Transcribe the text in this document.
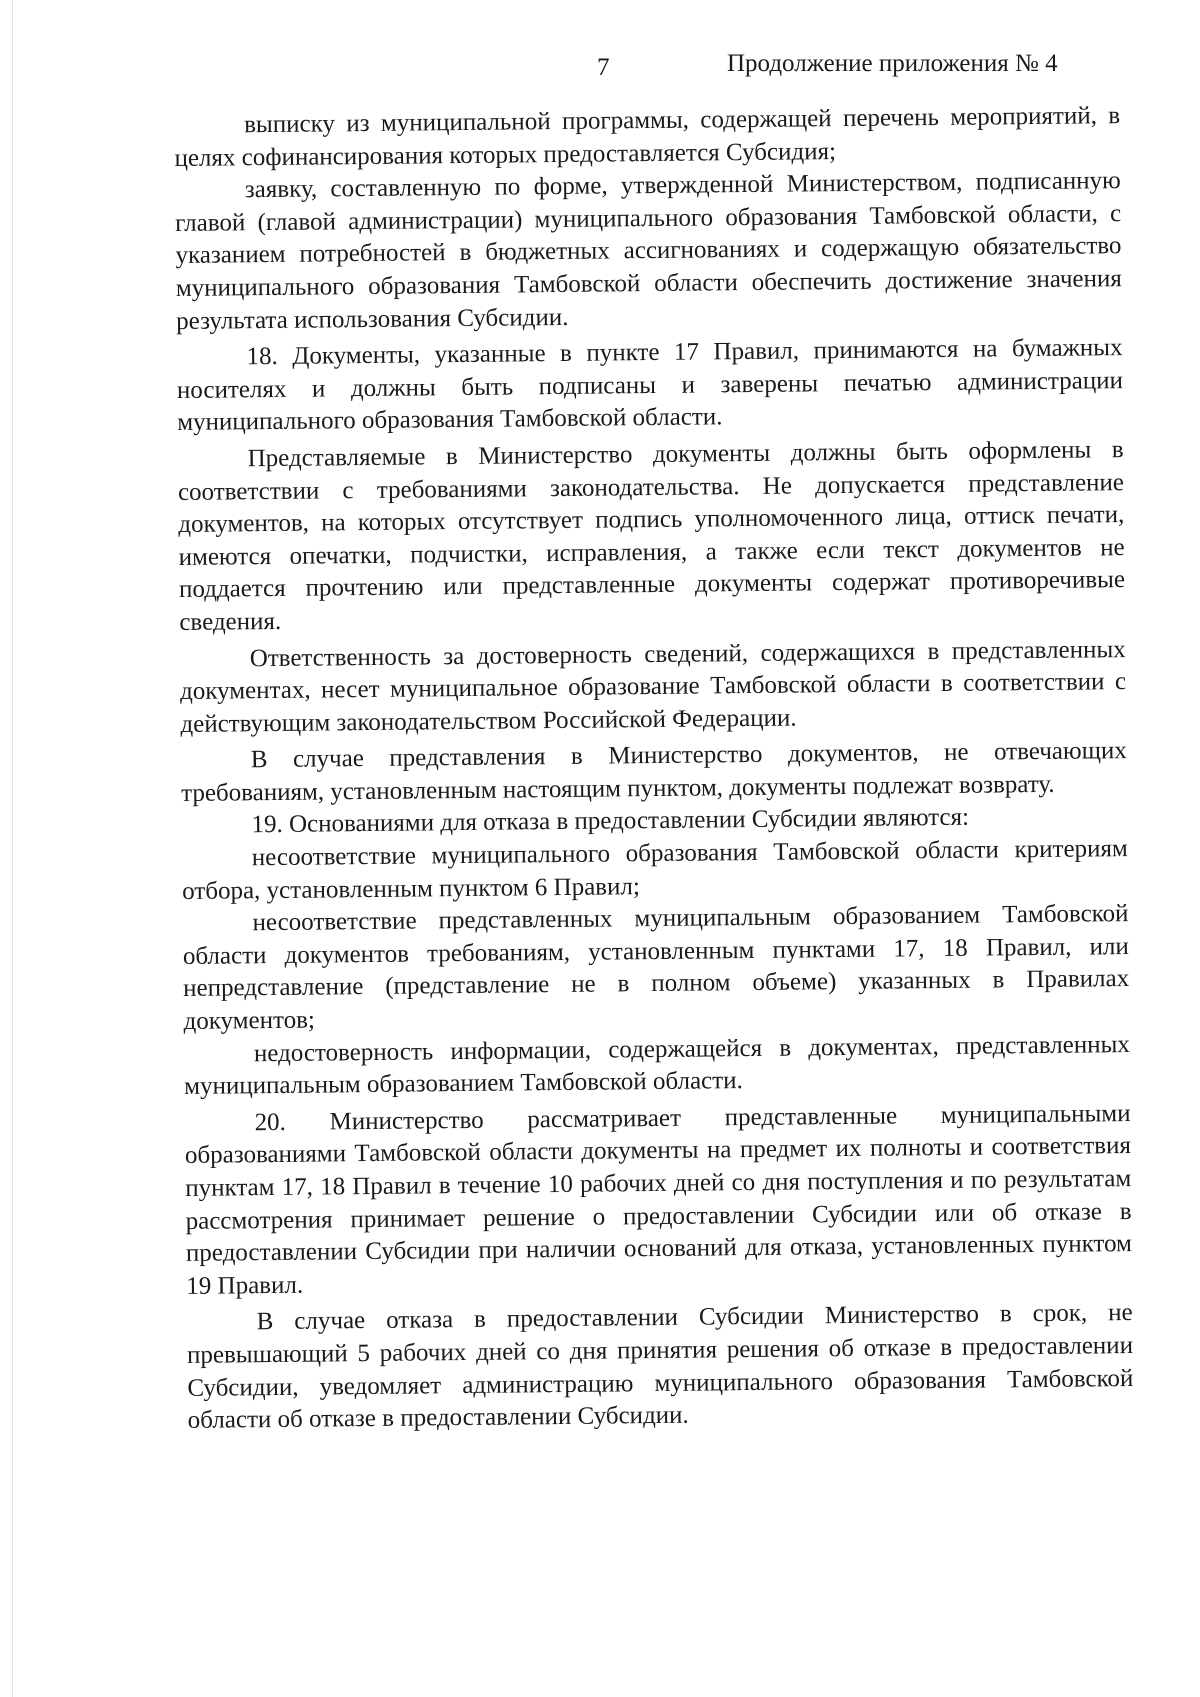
7	Продолжение приложения № 4

выписку из муниципальной программы, содержащей перечень мероприятий, в целях софинансирования которых предоставляется Субсидия;

заявку, составленную по форме, утвержденной Министерством, подписанную главой (главой администрации) муниципального образования Тамбовской области, с указанием потребностей в бюджетных ассигнованиях и содержащую обязательство муниципального образования Тамбовской области обеспечить достижение значения результата использования Субсидии.

18. Документы, указанные в пункте 17 Правил, принимаются на бумажных носителях и должны быть подписаны и заверены печатью администрации муниципального образования Тамбовской области.

Представляемые в Министерство документы должны быть оформлены в соответствии с требованиями законодательства. Не допускается представление документов, на которых отсутствует подпись уполномоченного лица, оттиск печати, имеются опечатки, подчистки, исправления, а также если текст документов не поддается прочтению или представленные документы содержат противоречивые сведения.

Ответственность за достоверность сведений, содержащихся в представленных документах, несет муниципальное образование Тамбовской области в соответствии с действующим законодательством Российской Федерации.

В случае представления в Министерство документов, не отвечающих требованиям, установленным настоящим пунктом, документы подлежат возврату.

19. Основаниями для отказа в предоставлении Субсидии являются:

несоответствие муниципального образования Тамбовской области критериям отбора, установленным пунктом 6 Правил;

несоответствие представленных муниципальным образованием Тамбовской области документов требованиям, установленным пунктами 17, 18 Правил, или непредставление (представление не в полном объеме) указанных в Правилах документов;

недостоверность информации, содержащейся в документах, представленных муниципальным образованием Тамбовской области.

20. Министерство рассматривает представленные муниципальными образованиями Тамбовской области документы на предмет их полноты и соответствия пунктам 17, 18 Правил в течение 10 рабочих дней со дня поступления и по результатам рассмотрения принимает решение о предоставлении Субсидии или об отказе в предоставлении Субсидии при наличии оснований для отказа, установленных пунктом 19 Правил.

В случае отказа в предоставлении Субсидии Министерство в срок, не превышающий 5 рабочих дней со дня принятия решения об отказе в предоставлении Субсидии, уведомляет администрацию муниципального образования Тамбовской области об отказе в предоставлении Субсидии.
